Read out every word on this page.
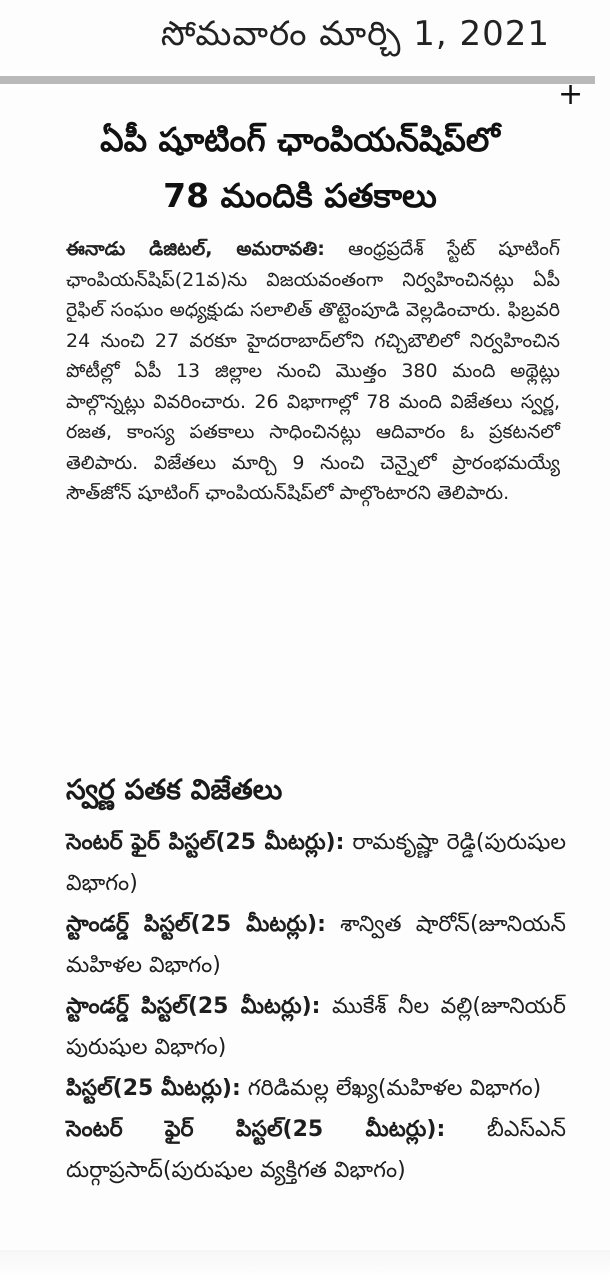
సోమవారం మార్చి 1, 2021
+
ఏపీ షూటింగ్ ఛాంపియన్‌షిప్‌లో
78 మందికి పతకాలు
ఈనాడు డిజిటల్, అమరావతి: ఆంధ్రప్రదేశ్ స్టేట్ షూటింగ్ ఛాంపియన్‌షిప్(21వ)ను విజయవంతంగా నిర్వహించినట్లు ఏపీ రైఫిల్ సంఘం అధ్యక్షుడు సలాలిత్ తొట్టెంపూడి వెల్లడించారు. ఫిబ్రవరి 24 నుంచి 27 వరకూ హైదరాబాద్‌లోని గచ్చిబౌలిలో నిర్వహించిన పోటీల్లో ఏపీ 13 జిల్లాల నుంచి మొత్తం 380 మంది అథ్లెట్లు పాల్గొన్నట్లు వివరించారు. 26 విభాగాల్లో 78 మంది విజేతలు స్వర్ణ, రజత, కాంస్య పతకాలు సాధించినట్లు ఆదివారం ఓ ప్రకటనలో తెలిపారు. విజేతలు మార్చి 9 నుంచి చెన్నైలో ప్రారంభమయ్యే సౌత్‌జోన్ షూటింగ్ ఛాంపియన్‌షిప్‌లో పాల్గొంటారని తెలిపారు.
స్వర్ణ పతక విజేతలు
సెంటర్ ఫైర్ పిస్టల్(25 మీటర్లు): రామకృష్ణా రెడ్డి(పురుషుల విభాగం)
స్టాండర్డ్ పిస్టల్(25 మీటర్లు): శాన్విత షారోన్(జూనియన్ మహిళల విభాగం)
స్టాండర్డ్ పిస్టల్(25 మీటర్లు): ముకేశ్ నీల వల్లి(జూనియర్ పురుషుల విభాగం)
పిస్టల్(25 మీటర్లు): గరిడిమల్ల లేఖ్య(మహిళల విభాగం)
సెంటర్ ఫైర్ పిస్టల్(25 మీటర్లు): బీఎస్ఎన్ దుర్గాప్రసాద్(పురుషుల వ్యక్తిగత విభాగం)
